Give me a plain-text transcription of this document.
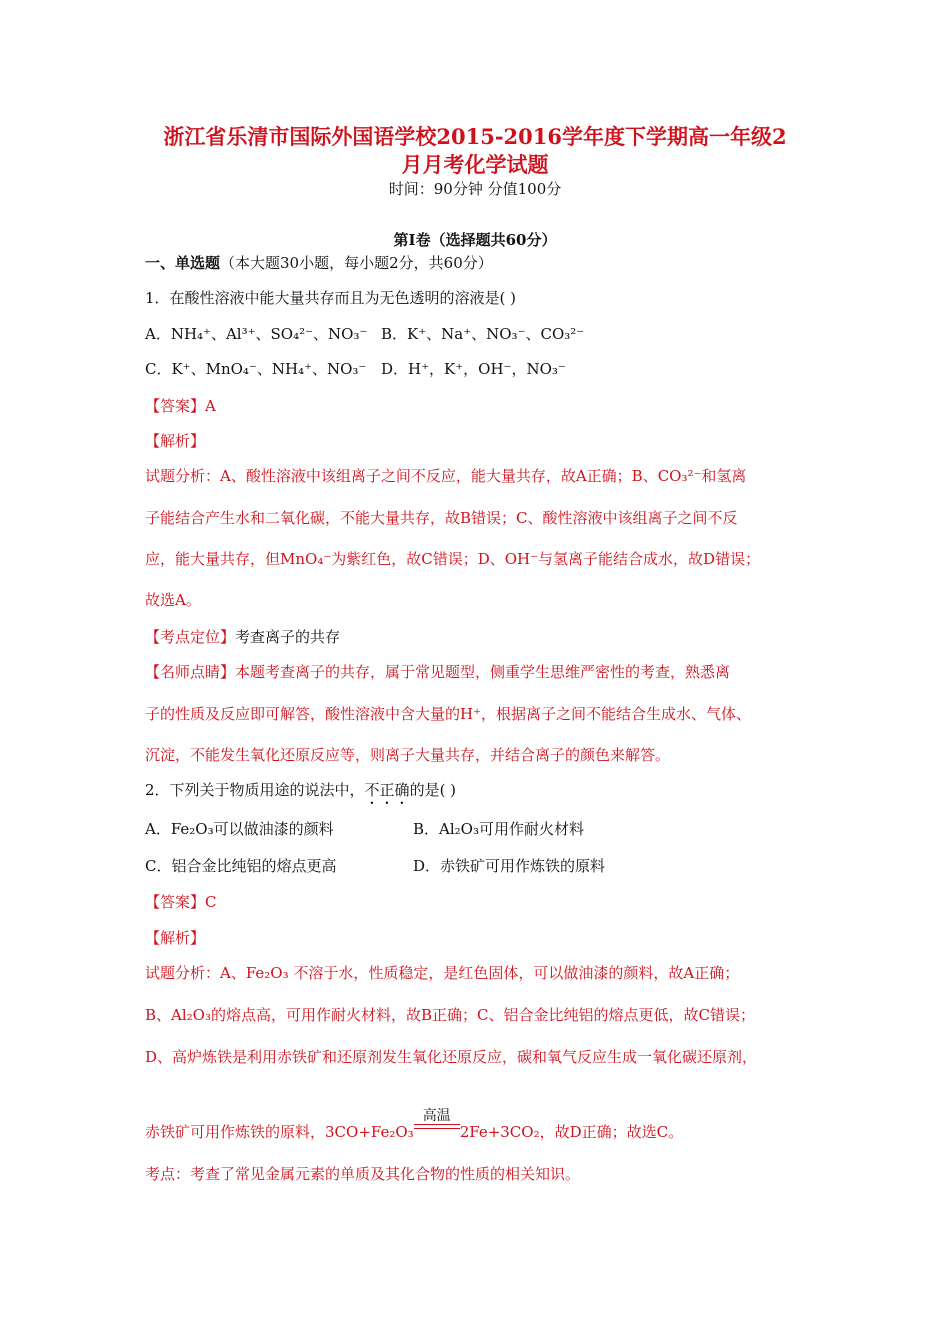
浙江省乐清市国际外国语学校2015-2016学年度下学期高一年级2
月月考化学试题
时间：90分钟 分值100分
第Ⅰ卷（选择题共60分）
一、单选题（本大题30小题，每小题2分，共60分）
1．在酸性溶液中能大量共存而且为无色透明的溶液是( )
A．NH₄⁺、Al³⁺、SO₄²⁻、NO₃⁻ B．K⁺、Na⁺、NO₃⁻、CO₃²⁻
C．K⁺、MnO₄⁻、NH₄⁺、NO₃⁻ D．H⁺，K⁺，OH⁻，NO₃⁻
【答案】A
【解析】
试题分析：A、酸性溶液中该组离子之间不反应，能大量共存，故A正确；B、CO₃²⁻和氢离
子能结合产生水和二氧化碳，不能大量共存，故B错误；C、酸性溶液中该组离子之间不反
应，能大量共存，但MnO₄⁻为紫红色，故C错误；D、OH⁻与氢离子能结合成水，故D错误；
故选A。
【考点定位】考查离子的共存
【名师点睛】本题考查离子的共存，属于常见题型，侧重学生思维严密性的考查，熟悉离
子的性质及反应即可解答，酸性溶液中含大量的H⁺，根据离子之间不能结合生成水、气体、
沉淀，不能发生氧化还原反应等，则离子大量共存，并结合离子的颜色来解答。
2．下列关于物质用途的说法中，不正确的是( )
A．Fe₂O₃可以做油漆的颜料	B．Al₂O₃可用作耐火材料
C．铝合金比纯铝的熔点更高	D．赤铁矿可用作炼铁的原料
【答案】C
【解析】
试题分析：A、Fe₂O₃ 不溶于水，性质稳定，是红色固体，可以做油漆的颜料，故A正确；
B、Al₂O₃的熔点高，可用作耐火材料，故B正确；C、铝合金比纯铝的熔点更低，故C错误；
D、高炉炼铁是利用赤铁矿和还原剂发生氧化还原反应，碳和氧气反应生成一氧化碳还原剂，
赤铁矿可用作炼铁的原料，3CO+Fe₂O₃
高温
2Fe+3CO₂，故D正确；故选C。
考点：考查了常见金属元素的单质及其化合物的性质的相关知识。
